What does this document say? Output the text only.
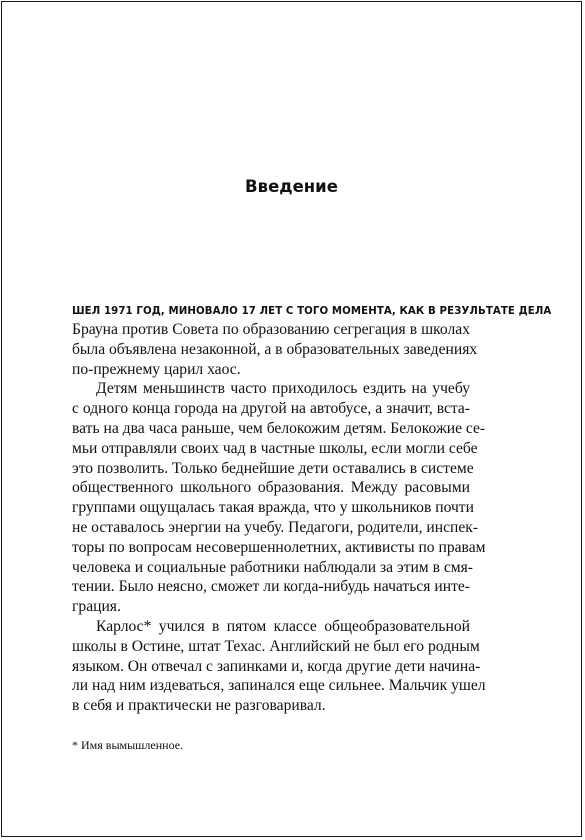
Введение
ШЕЛ 1971 ГОД, МИНОВАЛО 17 ЛЕТ С ТОГО МОМЕНТА, КАК В РЕЗУЛЬТАТЕ ДЕЛА
Брауна против Совета по образованию сегрегация в школах
была объявлена незаконной, а в образовательных заведениях
по-прежнему царил хаос.
Детям меньшинств часто приходилось ездить на учебу
с одного конца города на другой на автобусе, а значит, вста-
вать на два часа раньше, чем белокожим детям. Белокожие се-
мьи отправляли своих чад в частные школы, если могли себе
это позволить. Только беднейшие дети оставались в системе
общественного школьного образования. Между расовыми
группами ощущалась такая вражда, что у школьников почти
не оставалось энергии на учебу. Педагоги, родители, инспек-
торы по вопросам несовершеннолетних, активисты по правам
человека и социальные работники наблюдали за этим в смя-
тении. Было неясно, сможет ли когда-нибудь начаться инте-
грация.
Карлос* учился в пятом классе общеобразовательной
школы в Остине, штат Техас. Английский не был его родным
языком. Он отвечал с запинками и, когда другие дети начина-
ли над ним издеваться, запинался еще сильнее. Мальчик ушел
в себя и практически не разговаривал.
* Имя вымышленное.
